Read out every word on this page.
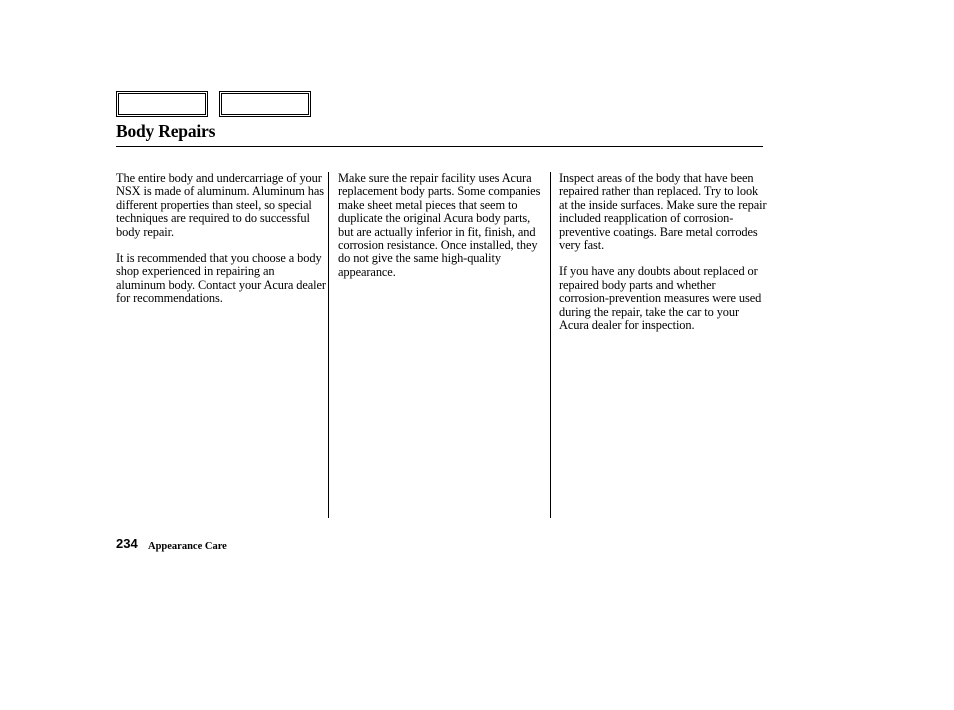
Body Repairs

The entire body and undercarriage of your NSX is made of aluminum. Aluminum has different properties than steel, so special techniques are required to do successful body repair.

It is recommended that you choose a body shop experienced in repairing an aluminum body. Contact your Acura dealer for recommendations.

Make sure the repair facility uses Acura replacement body parts. Some companies make sheet metal pieces that seem to duplicate the original Acura body parts, but are actually inferior in fit, finish, and corrosion resistance. Once installed, they do not give the same high-quality appearance.

Inspect areas of the body that have been repaired rather than replaced. Try to look at the inside surfaces. Make sure the repair included reapplication of corrosion-preventive coatings. Bare metal corrodes very fast.

If you have any doubts about replaced or repaired body parts and whether corrosion-prevention measures were used during the repair, take the car to your Acura dealer for inspection.

234 Appearance Care
